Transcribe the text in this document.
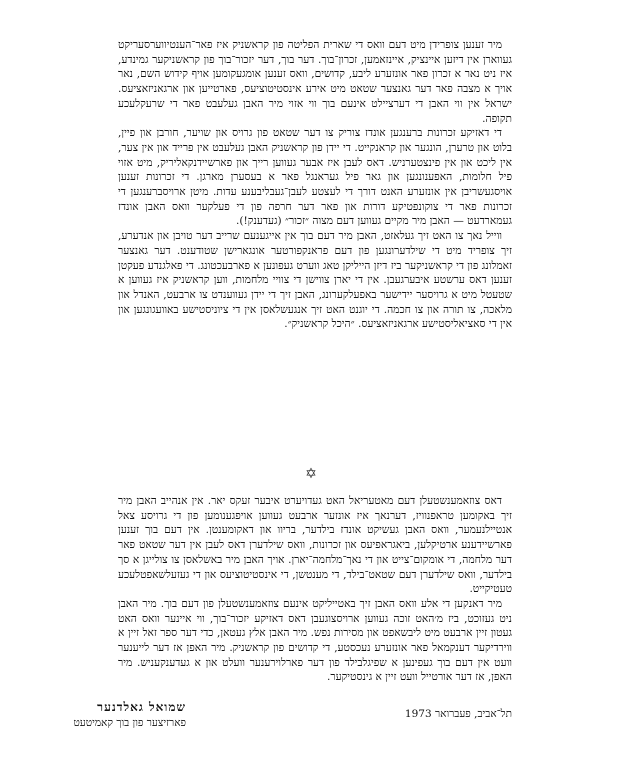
מיר זענען צופרידן מיט דעם וואס די שארית הפליטה פון קראשניק איז פאר־הענטיווערסעריקט געווארן אין דיזען איינציק, איינזאמען, זכרון־בוך. דער בוך, דער יזכור־בוך פון קראשניקער גמינדע, איז ניט נאר א זכרון פאר אונזערע ליבע, קדושים, וואס זענען אומגעקומען אויף קידוש השם, נאר אויך א מצבה פאר דער גאנצער שטאט מיט אירע אינסטיטוציעס, פארטייען און ארגאניזאציעס. ישראל אין ווי האבן די דערציילט אינעם בוך ווי אזוי מיר האבן געלעבט פאר די שרעקלעכע תקופה.

די דאזיקע זכרונות ברענגען אונדז צוריק צו דער שטאט פון גרויס און שויער, חורבן און פיין, בלוט און טרערן, הונגער און קראנקייט. די יידן פון קראשניק האבן געלעבט אין פרייד און אין צער, אין ליכט און אין פינצטערניש. דאס לעבן איז אבער געווען רייך און פארשיידנקאליריק, מיט אזוי פיל חלומות, האפענונגען און גאר פיל געראנגל פאר א בעסערן מארגן. די זכרונות זענען אויסגעשריבן אין אונזערע האנט דורך די לעצטע לעבן־געבליבענע עדות. מיטן ארויסברענגען די זכרונות פאר די צוקונפטיקע דורות און פאר דער חרפה פון די פעלקער וואס האבן אונדז געמארדעט — האבן מיר מקיים געווען דעם מצוה ״זכור״ (געדענק!).

ווייל נאך צו האט זיך געלאזט, האבן מיר דעם בוך אין אייגענעם שרייב דער טויבן און אנדערע, זיך צופריד מיט די שילדערונגען פון דעם פראנקפורטער אונגארישן שטודענט. דער גאנצער זאמלונג פון די קראשניקער ביז דיזן הייליקן טאג ווערט געפונען א פארבעכטונג. די פאלגנדע פעקטן זענען דאס ערשטע איבערגעבן. אין די יארן צווישן די צוויי מלחמות, ווען קראשניק איז געווען א שטעטל מיט א גרויסער יידישער באפעלקערונג, האבן זיך די יידן געווענדט צו ארבעט, האנדל און מלאכה, צו תורה און צו חכמה. די יוגנט האט זיך אנגעשלאסן אין די ציוניסטישע באוועגונגען און אין די סאציאליסטישע ארגאניזאציעס. ״היכל קראשניק״.

✡

דאס צוזאמענשטעלן דעם מאטעריאל האט געדויערט איבער זעקס יאר. אין אנהייב האבן מיר זיך באקומען טראפנוויז, דערנאך איז אונזער ארבעט געווען אויפגענומען פון די גרויסע צאל אנטיילנעמער, וואס האבן געשיקט אונדז בילדער, בריוו און דאקומענטן. אין דעם בוך זענען פארשיידענע ארטיקלען, ביאגראפיעס און זכרונות, וואס שילדערן דאס לעבן אין דער שטאט פאר דער מלחמה, די אומקום־צייט און די נאך־מלחמה־יארן. אויך האבן מיר באשלאסן צו צולייגן א סך בילדער, וואס שילדערן דעם שטאט־בילד, די מענטשן, די אינסטיטוציעס און די געזעלשאפטלעכע טעטיקייט.

מיר דאנקען די אלע וואס האבן זיך באטייליקט אינעם צוזאמענשטעלן פון דעם בוך. מיר האבן ניט געזוכט, ביז מ׳האט זוכה געווען ארויסצוגעבן דאס דאזיקע יזכור־בוך, ווי איינער וואס האט געטון זיין ארבעט מיט ליבשאפט און מסירות נפש. מיר האבן אלץ געטאן, כדי דער ספר זאל זיין א ווירדיקער דענקמאל פאר אונזערע נעכסטע, די קדושים פון קראשניק. מיר האפן אז דער לייענער וועט אין דעם בוך געפינען א שפיגלבילד פון דער פארלוירענער וועלט און א געדענקעניש. מיר האפן, אז דער אורטייל וועט זיין א גינסטיקער.

שמואל גאלדנער
פארזיצער פון בוך קאמיטעט
תל־אביב, פעברואר 1973
